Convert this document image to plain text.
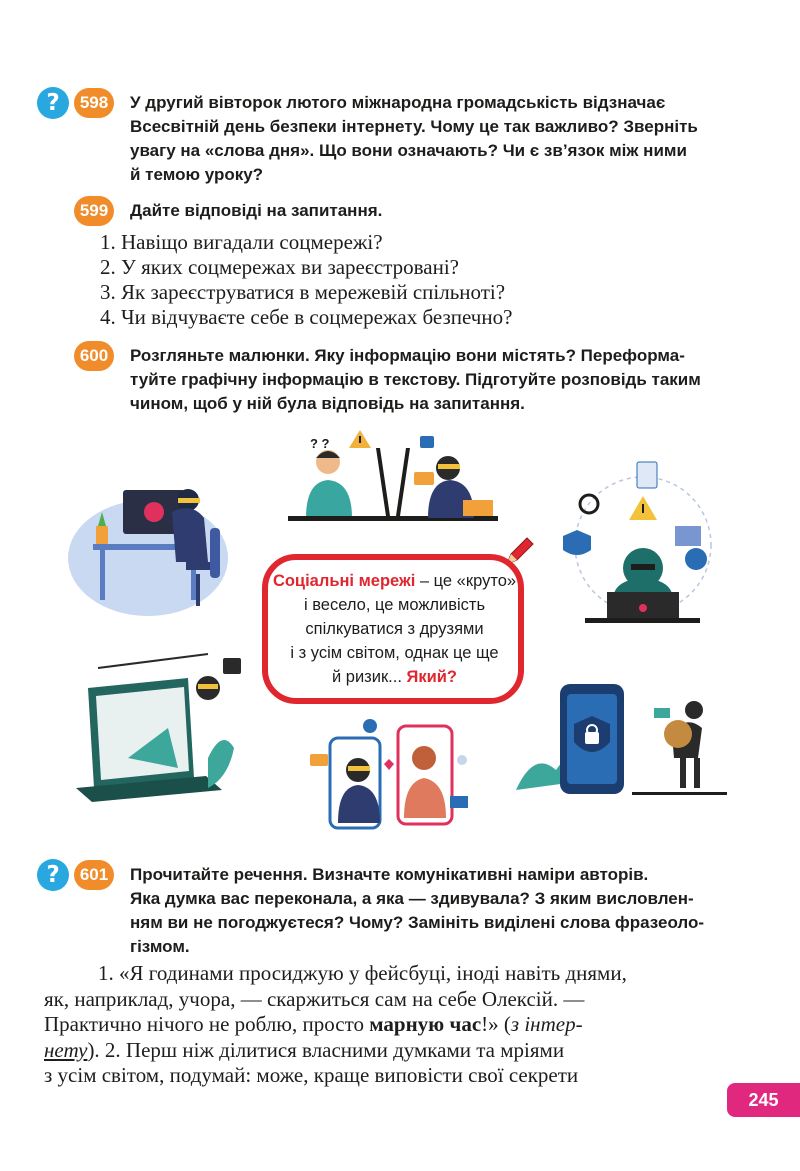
? 598 У другий вівторок лютого міжнародна громадськість відзначає
Всесвітній день безпеки інтернету. Чому це так важливо? Зверніть
увагу на «слова дня». Що вони означають? Чи є зв’язок між ними
й темою уроку?
599 Дайте відповіді на запитання.
1. Навіщо вигадали соцмережі?
2. У яких соцмережах ви зареєстровані?
3. Як зареєструватися в мережевій спільноті?
4. Чи відчуваєте себе в соцмережах безпечно?
600 Розгляньте малюнки. Яку інформацію вони містять? Переформа-
туйте графічну інформацію в текстову. Підготуйте розповідь таким
чином, щоб у ній була відповідь на запитання.
? ?
Соціальні мережі – це «круто»
і весело, це можливість
спілкуватися з друзями
і з усім світом, однак це ще
й ризик... Який?
? 601 Прочитайте речення. Визначте комунікативні наміри авторів.
Яка думка вас переконала, а яка — здивувала? З яким висловлен-
ням ви не погоджуєтеся? Чому? Замініть виділені слова фразеоло-
гізмом.
1. «Я годинами просиджую у фейсбуці, іноді навіть днями,
як, наприклад, учора, — скаржиться сам на себе Олексій. —
Практично нічого не роблю, просто марную час!» (з інтер-
нету). 2. Перш ніж ділитися власними думками та мріями
з усім світом, подумай: може, краще виповісти свої секрети
245
